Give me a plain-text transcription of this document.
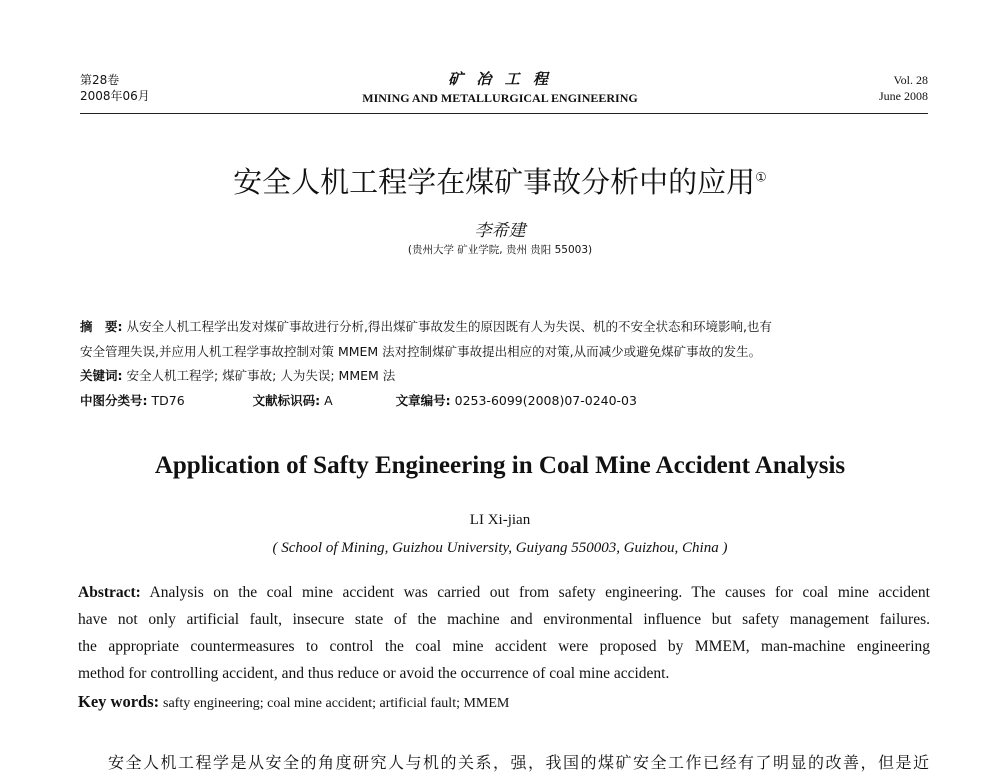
第28卷
2008年06月
矿 冶 工 程
MINING AND METALLURGICAL ENGINEERING
Vol. 28
June 2008
安全人机工程学在煤矿事故分析中的应用①
李希建
(贵州大学 矿业学院, 贵州 贵阳 55003)
摘　要: 从安全人机工程学出发对煤矿事故进行分析,得出煤矿事故发生的原因既有人为失误、机的不安全状态和环境影响,也有
安全管理失误,并应用人机工程学事故控制对策 MMEM 法对控制煤矿事故提出相应的对策,从而减少或避免煤矿事故的发生。
关键词: 安全人机工程学; 煤矿事故; 人为失误; MMEM 法
中图分类号: TD76	文献标识码: A	文章编号: 0253-6099(2008)07-0240-03
Application of Safty Engineering in Coal Mine Accident Analysis
LI Xi-jian
( School of Mining, Guizhou University, Guiyang 550003, Guizhou, China )
Abstract: Analysis on the coal mine accident was carried out from safety engineering. The causes for coal mine accident
have not only artificial fault, insecure state of the machine and environmental influence but safety management failures.
the appropriate countermeasures to control the coal mine accident were proposed by MMEM, man-machine engineering
method for controlling accident, and thus reduce or avoid the occurrence of coal mine accident.
Key words: safty engineering; coal mine accident; artificial fault; MMEM
安全人机工程学是从安全的角度研究人与机的关系，强，我国的煤矿安全工作已经有了明显的改善，但是近
